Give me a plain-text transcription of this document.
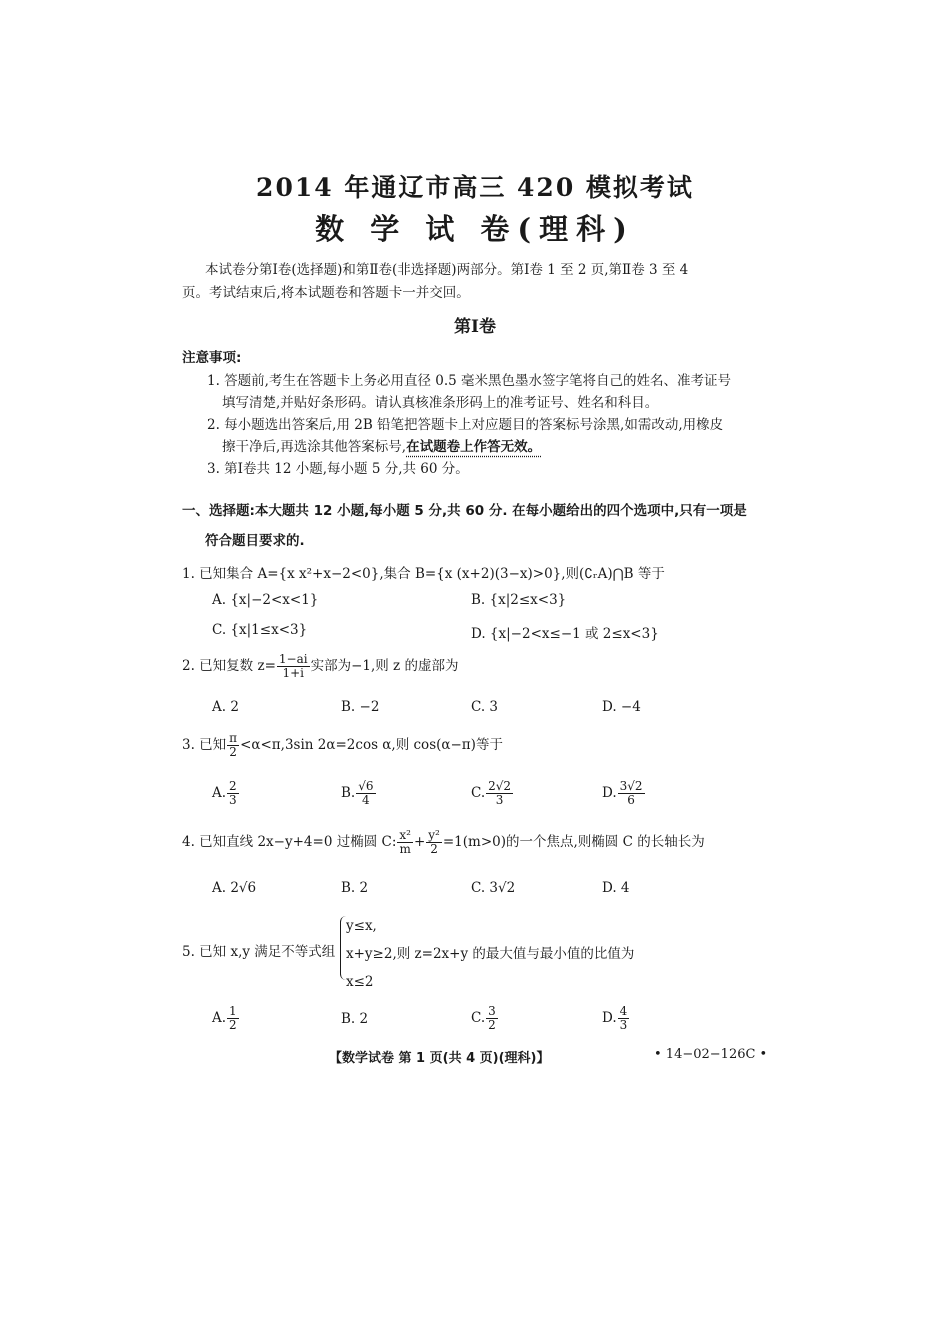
2014 年通辽市高三 420 模拟考试
数 学 试 卷(理科)
本试卷分第Ⅰ卷(选择题)和第Ⅱ卷(非选择题)两部分。第Ⅰ卷 1 至 2 页,第Ⅱ卷 3 至 4
页。考试结束后,将本试题卷和答题卡一并交回。
第Ⅰ卷
注意事项:
1. 答题前,考生在答题卡上务必用直径 0.5 毫米黑色墨水签字笔将自己的姓名、准考证号
填写清楚,并贴好条形码。请认真核准条形码上的准考证号、姓名和科目。
2. 每小题选出答案后,用 2B 铅笔把答题卡上对应题目的答案标号涂黑,如需改动,用橡皮
擦干净后,再选涂其他答案标号,在试题卷上作答无效。
3. 第Ⅰ卷共 12 小题,每小题 5 分,共 60 分。
一、选择题:本大题共 12 小题,每小题 5 分,共 60 分. 在每小题给出的四个选项中,只有一项是
符合题目要求的.
1. 已知集合 A={x x²+x−2<0},集合 B={x (x+2)(3−x)>0},则(∁ᵣA)⋂B 等于
A. {x|−2<x<1}	B. {x|2≤x<3}
C. {x|1≤x<3}	D. {x|−2<x≤−1 或 2≤x<3}
2. 已知复数 $z= \frac{1-ai}{1+i}$ 实部为−1,则 z 的虚部为
A. 2	B. −2	C. 3	D. −4
3. 已知 $\frac{\pi}{2} <\alpha<\pi,3\sin$ 2α=2cos α,则 cos(α−π)等于
A. $\frac{2}{3}$	B. $\frac{√6}{4}$	C. $\frac{2√2}{3}$	D. $\frac{3√2}{6}$
4. 已知直线 2x−y+4=0 过椭圆 C: $\frac{\text{x²}}{m} + \frac{\text{y²}}{2} =1(m>0)$的一个焦点,则椭圆 C 的长轴长为
A. 2√6	B. 2	C. 3√2	D. 4
5. 已知 x,y 满足不等式组
y≤x,
x+y≥2,则 z=2x+y 的最大值与最小值的比值为
x≤2
A. $\frac{1}{2}$	B. 2	C. $\frac{3}{2}$	D. $\frac{4}{3}$
【数学试卷 第 1 页(共 4 页)(理科)】	• 14−02−126C •
